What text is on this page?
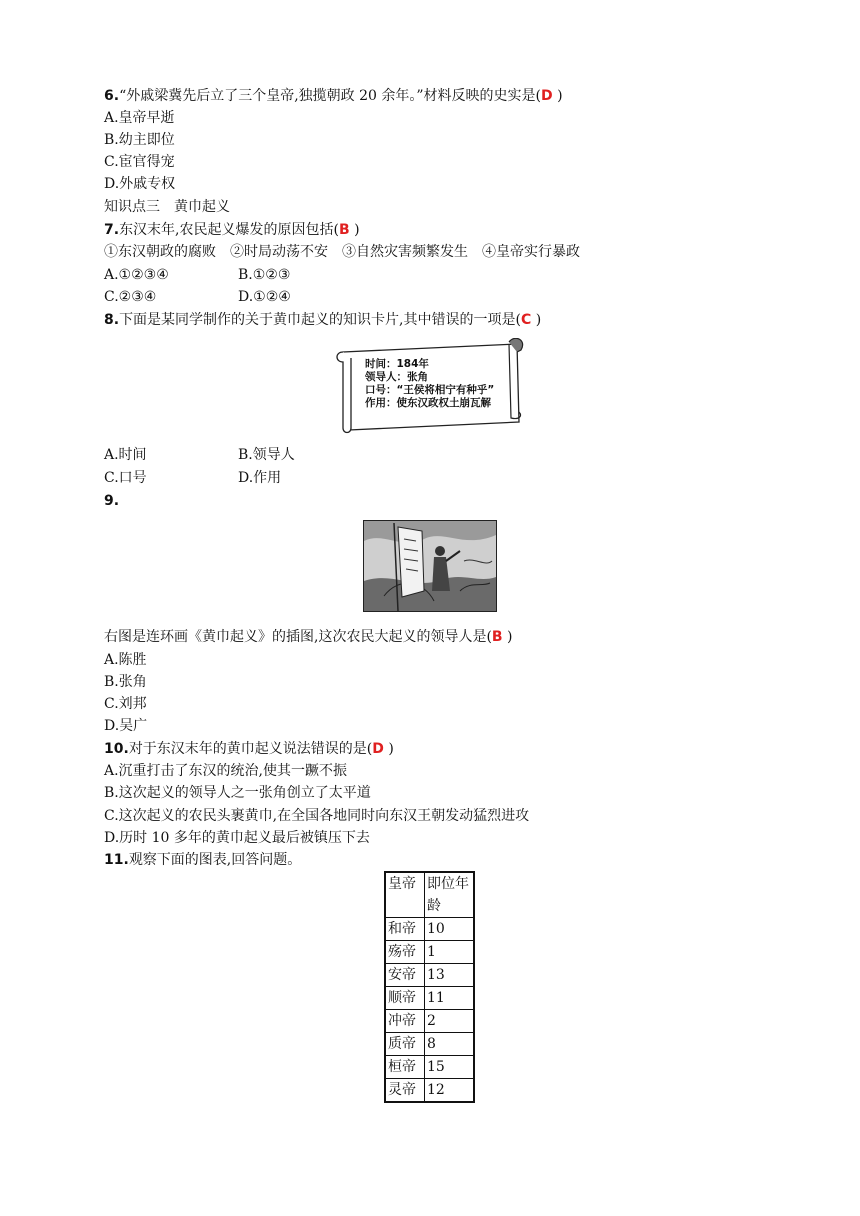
6.“外戚梁冀先后立了三个皇帝,独揽朝政 20 余年。”材料反映的史实是(D )
A.皇帝早逝
B.幼主即位
C.宦官得宠
D.外戚专权
知识点三　黄巾起义
7.东汉末年,农民起义爆发的原因包括(B )
①东汉朝政的腐败　②时局动荡不安　③自然灾害频繁发生　④皇帝实行暴政
A.①②③④	B.①②③
C.②③④	D.①②④
8.下面是某同学制作的关于黄巾起义的知识卡片,其中错误的一项是(C )
时间：184年
领导人：张角
口号：“王侯将相宁有种乎”
作用：使东汉政权土崩瓦解
A.时间	B.领导人
C.口号	D.作用
9.
右图是连环画《黄巾起义》的插图,这次农民大起义的领导人是(B )
A.陈胜
B.张角
C.刘邦
D.吴广
10.对于东汉末年的黄巾起义说法错误的是(D )
A.沉重打击了东汉的统治,使其一蹶不振
B.这次起义的领导人之一张角创立了太平道
C.这次起义的农民头裹黄巾,在全国各地同时向东汉王朝发动猛烈进攻
D.历时 10 多年的黄巾起义最后被镇压下去
11.观察下面的图表,回答问题。
皇帝	即位年龄
和帝	10
殇帝	1
安帝	13
顺帝	11
冲帝	2
质帝	8
桓帝	15
灵帝	12
